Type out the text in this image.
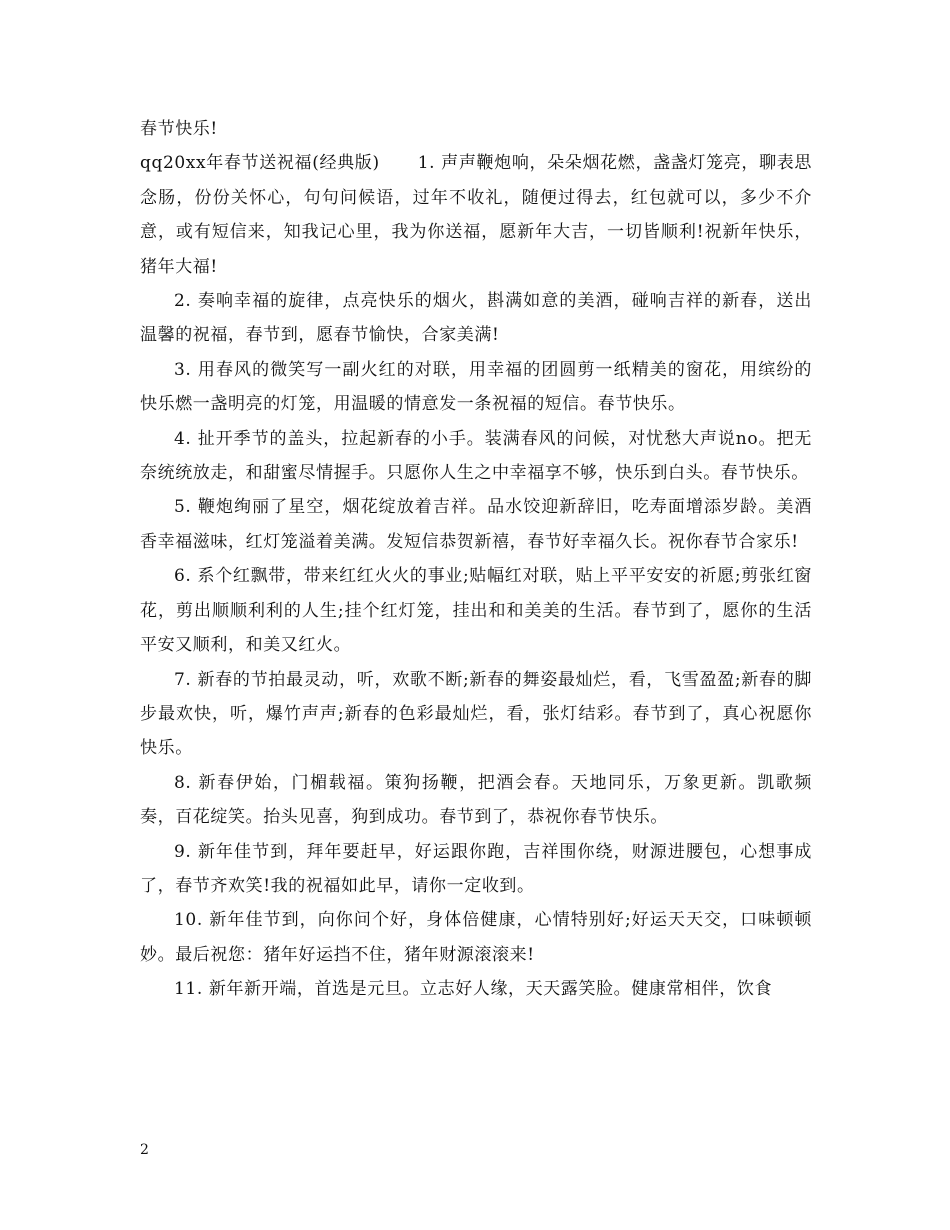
春节快乐!

qq20xx年春节送祝福(经典版) 1. 声声鞭炮响，朵朵烟花燃，盏盏灯笼亮，聊表思念肠，份份关怀心，句句问候语，过年不收礼，随便过得去，红包就可以，多少不介意，或有短信来，知我记心里，我为你送福，愿新年大吉，一切皆顺利!祝新年快乐，猪年大福!

2. 奏响幸福的旋律，点亮快乐的烟火，斟满如意的美酒，碰响吉祥的新春，送出温馨的祝福，春节到，愿春节愉快，合家美满!

3. 用春风的微笑写一副火红的对联，用幸福的团圆剪一纸精美的窗花，用缤纷的快乐燃一盏明亮的灯笼，用温暖的情意发一条祝福的短信。春节快乐。

4. 扯开季节的盖头，拉起新春的小手。装满春风的问候，对忧愁大声说no。把无奈统统放走，和甜蜜尽情握手。只愿你人生之中幸福享不够，快乐到白头。春节快乐。

5. 鞭炮绚丽了星空，烟花绽放着吉祥。品水饺迎新辞旧，吃寿面增添岁龄。美酒香幸福滋味，红灯笼溢着美满。发短信恭贺新禧，春节好幸福久长。祝你春节合家乐!

6. 系个红飘带，带来红红火火的事业;贴幅红对联，贴上平平安安的祈愿;剪张红窗花，剪出顺顺利利的人生;挂个红灯笼，挂出和和美美的生活。春节到了，愿你的生活平安又顺利，和美又红火。

7. 新春的节拍最灵动，听，欢歌不断;新春的舞姿最灿烂，看，飞雪盈盈;新春的脚步最欢快，听，爆竹声声;新春的色彩最灿烂，看，张灯结彩。春节到了，真心祝愿你快乐。

8. 新春伊始，门楣载福。策狗扬鞭，把酒会春。天地同乐，万象更新。凯歌频奏，百花绽笑。抬头见喜，狗到成功。春节到了，恭祝你春节快乐。

9. 新年佳节到，拜年要赶早，好运跟你跑，吉祥围你绕，财源进腰包，心想事成了，春节齐欢笑!我的祝福如此早，请你一定收到。

10. 新年佳节到，向你问个好，身体倍健康，心情特别好;好运天天交，口味顿顿妙。最后祝您：猪年好运挡不住，猪年财源滚滚来!

11. 新年新开端，首选是元旦。立志好人缘，天天露笑脸。健康常相伴，饮食

2
